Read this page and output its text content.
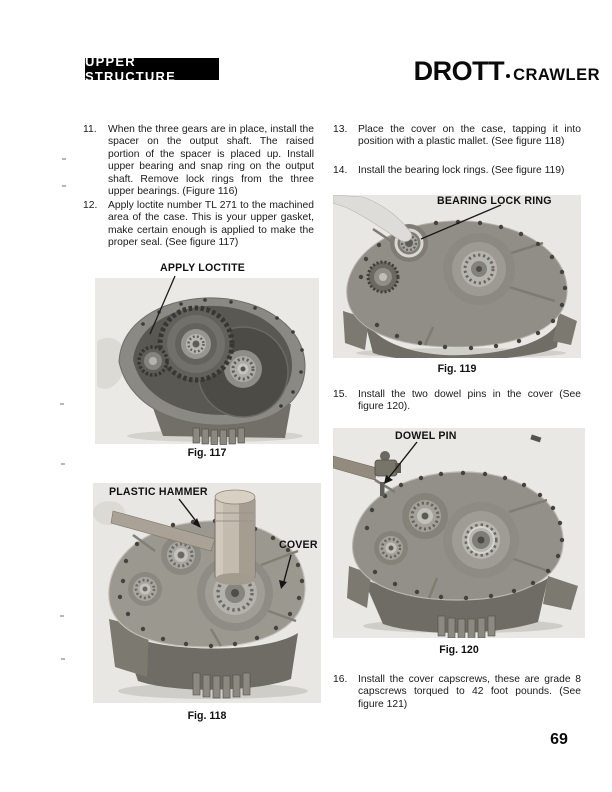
UPPER STRUCTURE	DROTT CRAWLER
11.	When the three gears are in place, install the spacer on the output shaft. The raised portion of the spacer is placed up. Install upper bearing and snap ring on the output shaft. Remove lock rings from the three upper bearings. (Figure 116)
12.	Apply loctite number TL 271 to the machined area of the case. This is your upper gasket, make certain enough is applied to make the proper seal. (See figure 117)
13.	Place the cover on the case, tapping it into position with a plastic mallet. (See figure 118)
14.	Install the bearing lock rings. (See figure 119)
15.	Install the two dowel pins in the cover (See figure 120).
16.	Install the cover capscrews, these are grade 8 capscrews torqued to 42 foot pounds. (See figure 121)
APPLY LOCTITE
Fig. 117
PLASTIC HAMMER
COVER
Fig. 118
BEARING LOCK RING
Fig. 119
DOWEL PIN
Fig. 120
69
